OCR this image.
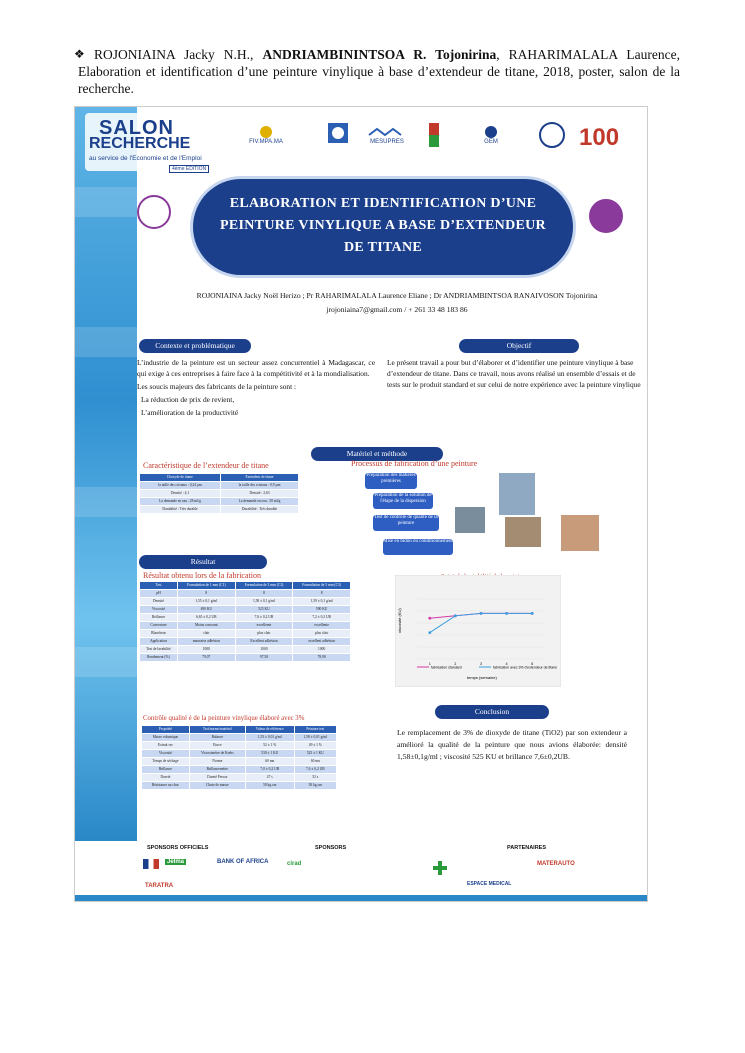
❖ ROJONIAINA Jacky N.H., ANDRIAMBININTSOA R. Tojonirina, RAHARIMALALA Laurence, Elaboration et identification d’une peinture vinylique à base d’extendeur de titane, 2018, poster, salon de la recherche.
SALON
RECHERCHE
au service de l'Economie et de l'Emploi
4ème EDITION
FIV.MPA.MA	MESUPRES	GEM	100
ELABORATION ET IDENTIFICATION D’UNE PEINTURE VINYLIQUE A BASE D’EXTENDEUR DE TITANE
ROJONIAINA Jacky Noël Herizo ; Pr RAHARIMALALA Laurence Eliane ; Dr ANDRIAMBINTSOA RANAIVOSON Tojonirina
jrojoniaina7@gmail.com / + 261 33 48 183 86
Contexte et problématique
L’industrie de la peinture est un secteur assez concurrentiel à Madagascar, ce qui exige à ces entreprises à faire face à la compétitivité et à la mondialisation.
Les soucis majeurs des fabricants de la peinture sont :
La réduction de prix de revient,
L’amélioration de la productivité
Objectif
Le présent travail a pour but d’élaborer et d’identifier une peinture vinylique à base d’extendeur de titane. Dans ce travail, nous avons réalisé un ensemble d’essais et de tests sur le produit standard et sur celui de notre expérience avec la peinture vinylique
Matériel et méthode
Caractéristique de l’extendeur de titane
Dioxyde de titane	Extendeur de titane
la taille des cristaux : 0,24 µm	la taille des cristaux : 0,9 µm
Densité : 4,1	Densité : 2,63
La demande en eau : 28 ml/g	La demande en eau : 30 ml/g
Durabilité : Très durable	Durabilité : Très durable
Processus de fabrication d’une peinture
Préparation des matières premières
Préparation de la solution de l'étape de la dispersion
Test de contrôle de qualité de la peinture
Mise en bidon ou conditionnement
Résultat
Résultat obtenu lors de la fabrication
Test	Formulation de 1 mm (C1)	Formulation de 3 mm (C2)	Formulation de 5 mm (C3)
pH	8	8	8
Densité	1,55 ± 0,1 g/ml	1,58 ± 0,1 g/ml	1,59 ± 0,1 g/ml
Viscosité	490 KU	525 KU	590 KU
Brillance	6,65 ± 0,2 UB	7,6 ± 0,2 UB	7,2 ± 0,2 UB
Couverture	Moins couvrant	excellente	excellente
Blancheur	clair	plus clair	plus clair
Application	mauvaise adhésion	Excellent adhésion	excellent adhésion
Test de lavabilité	1000	1000	1000
Rendement (%)	79,07	97,58	78,90
1	2	3	4	5
viscosité (KU)
temps (semaine)
fabrication standard	fabrication avec 3% d'extendeur de titane
Contrôle qualité é de la peinture vinylique élaboré avec 3%
Propriété	Test/norme/matériel	Valeur de référence	Peinture test
Masse volumique	Balance	1,55 ± 0,01 g/ml	1,58 ± 0,01 g/ml
Extrait sec	Etuve	52 ± 1 %	49 ± 1 %
Viscosité	Viscosimètre de Krebs	530 ± 1 KU	525 ± 1 KU
Temps de séchage	Norme	60 mn	60 mn
Brillance	Brillancemètre	7,0 ± 0,2 UB	7,6 ± 0,2 UB
Dureté	Dureté Persoz	47 s	52 s
Résistance au choc	Chute de masse	50 kg.cm	50 kg.cm
Conclusion
Le remplacement de 3% de dioxyde de titane (TiO2) par son extendeur a amélioré la qualité de la peinture que nous avions élaborée: densité 1,58±0,1g/ml ; viscosité 525 KU et brillance 7,6±0,2UB.
SPONSORS OFFICIELS	SPONSORS	PARTENAIRES
Jelma	BANK OF AFRICA	cirad	MATERAUTO
ESPACE MEDICAL
TARATRA
